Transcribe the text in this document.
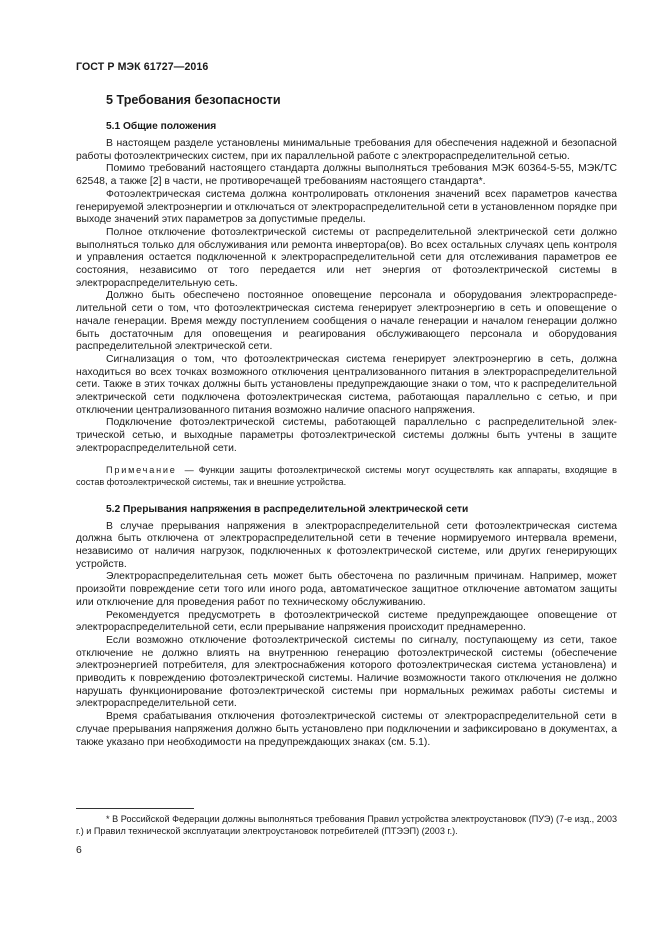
ГОСТ Р МЭК 61727—2016
5 Требования безопасности
5.1 Общие положения

В настоящем разделе установлены минимальные требования для обеспечения надежной и безопасной работы фотоэлектрических систем, при их параллельной работе с электрораспределительной сетью.

Помимо требований настоящего стандарта должны выполняться требования МЭК 60364-5-55, МЭК/ТС 62548, а также [2] в части, не противоречащей требованиям настоящего стандарта*.

Фотоэлектрическая система должна контролировать отклонения значений всех параметров качества генерируемой электроэнергии и отключаться от электрораспределительной сети в установленном порядке при выходе значений этих параметров за допустимые пределы.

Полное отключение фотоэлектрической системы от распределительной электрической сети должно выполняться только для обслуживания или ремонта инвертора(ов). Во всех остальных случаях цепь контроля и управления остается подключенной к электрораспределительной сети для отслеживания параметров ее состояния, независимо от того передается или нет энергия от фотоэлектрической системы в электрораспределительную сеть.

Должно быть обеспечено постоянное оповещение персонала и оборудования электрораспределительной сети о том, что фотоэлектрическая система генерирует электроэнергию в сеть и оповещение о начале генерации. Время между поступлением сообщения о начале генерации и началом генерации должно быть достаточным для оповещения и реагирования обслуживающего персонала и оборудования распределительной электрической сети.

Сигнализация о том, что фотоэлектрическая система генерирует электроэнергию в сеть, должна находиться во всех точках возможного отключения централизованного питания в электрораспределительной сети. Также в этих точках должны быть установлены предупреждающие знаки о том, что к распределительной электрической сети подключена фотоэлектрическая система, работающая параллельно с сетью, и при отключении централизованного питания возможно наличие опасного напряжения.

Подключение фотоэлектрической системы, работающей параллельно с распределительной электрической сетью, и выходные параметры фотоэлектрической системы должны быть учтены в защите электрораспределительной сети.

Примечание — Функции защиты фотоэлектрической системы могут осуществлять как аппараты, входящие в состав фотоэлектрической системы, так и внешние устройства.

5.2 Прерывания напряжения в распределительной электрической сети

В случае прерывания напряжения в электрораспределительной сети фотоэлектрическая система должна быть отключена от электрораспределительной сети в течение нормируемого интервала времени, независимо от наличия нагрузок, подключенных к фотоэлектрической системе, или других генерирующих устройств.

Электрораспределительная сеть может быть обесточена по различным причинам. Например, может произойти повреждение сети того или иного рода, автоматическое защитное отключение автоматом защиты или отключение для проведения работ по техническому обслуживанию.

Рекомендуется предусмотреть в фотоэлектрической системе предупреждающее оповещение от электрораспределительной сети, если прерывание напряжения происходит преднамеренно.

Если возможно отключение фотоэлектрической системы по сигналу, поступающему из сети, такое отключение не должно влиять на внутреннюю генерацию фотоэлектрической системы (обеспечение электроэнергией потребителя, для электроснабжения которого фотоэлектрическая система установлена) и приводить к повреждению фотоэлектрической системы. Наличие возможности такого отключения не должно нарушать функционирование фотоэлектрической системы при нормальных режимах работы системы и электрораспределительной сети.

Время срабатывания отключения фотоэлектрической системы от электрораспределительной сети в случае прерывания напряжения должно быть установлено при подключении и зафиксировано в документах, а также указано при необходимости на предупреждающих знаках (см. 5.1).

* В Российской Федерации должны выполняться требования Правил устройства электроустановок (ПУЭ) (7-е изд., 2003 г.) и Правил технической эксплуатации электроустановок потребителей (ПТЭЭП) (2003 г.).

6
